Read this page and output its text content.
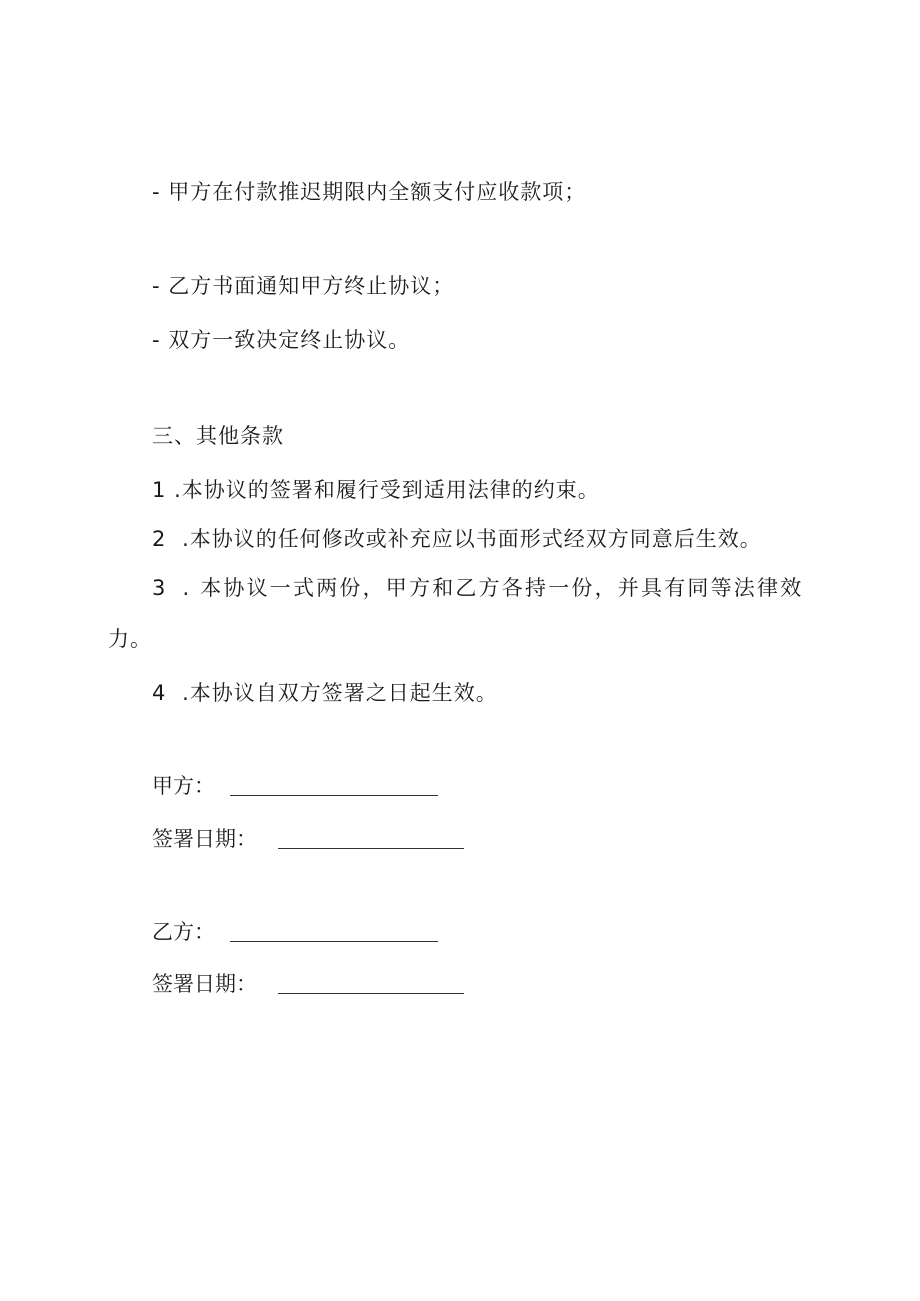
- 甲方在付款推迟期限内全额支付应收款项；
- 乙方书面通知甲方终止协议；
- 双方一致决定终止协议。
三、其他条款
1 .本协议的签署和履行受到适用法律的约束。
2 .本协议的任何修改或补充应以书面形式经双方同意后生效。
3 . 本协议一式两份，甲方和乙方各持一份，并具有同等法律效
力。
4 .本协议自双方签署之日起生效。
甲方：
签署日期：
乙方：
签署日期：
